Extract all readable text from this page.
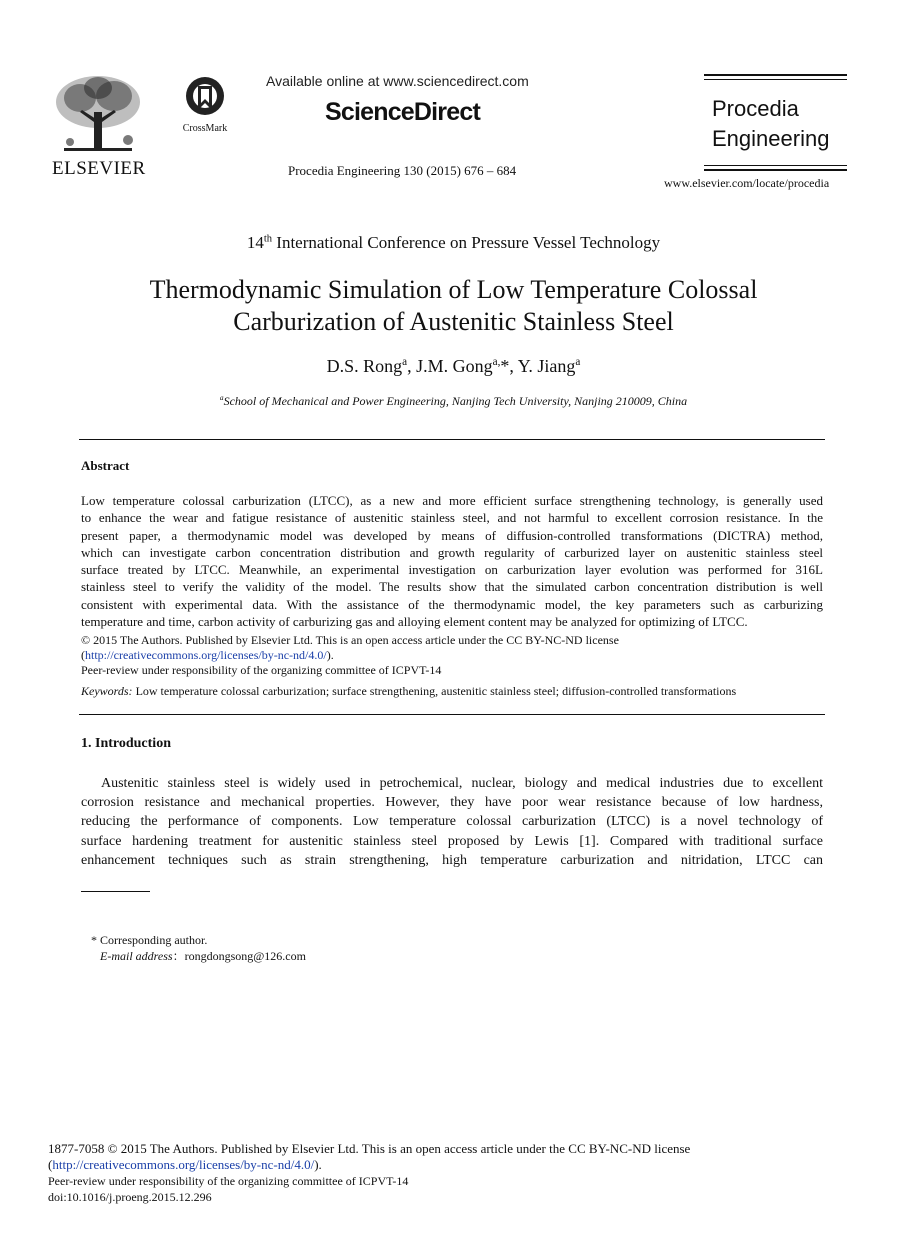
ELSEVIER
CrossMark
Available online at www.sciencedirect.com
ScienceDirect
Procedia Engineering 130 (2015) 676 – 684
Procedia
Engineering
www.elsevier.com/locate/procedia
14th International Conference on Pressure Vessel Technology
Thermodynamic Simulation of Low Temperature Colossal
Carburization of Austenitic Stainless Steel
D.S. Rong$^a$, J.M. Gong$^{a,}$*, Y. Jiang$^a$
$^a$School of Mechanical and Power Engineering, Nanjing Tech University, Nanjing 210009, China
Abstract

Low temperature colossal carburization (LTCC), as a new and more efficient surface strengthening technology, is generally used

to enhance the wear and fatigue resistance of austenitic stainless steel, and not harmful to excellent corrosion resistance. In the

present paper, a thermodynamic model was developed by means of diffusion-controlled transformations (DICTRA) method,

which can investigate carbon concentration distribution and growth regularity of carburized layer on austenitic stainless steel

surface treated by LTCC. Meanwhile, an experimental investigation on carburization layer evolution was performed for 316L

stainless steel to verify the validity of the model. The results show that the simulated carbon concentration distribution is well

consistent with experimental data. With the assistance of the thermodynamic model, the key parameters such as carburizing

temperature and time, carbon activity of carburizing gas and alloying element content may be analyzed for optimizing of LTCC.

© 2015 The Authors. Published by Elsevier Ltd. This is an open access article under the CC BY-NC-ND license
(http://creativecommons.org/licenses/by-nc-nd/4.0/).
Peer-review under responsibility of the organizing committee of ICPVT-14
Keywords: Low temperature colossal carburization; surface strengthening, austenitic stainless steel; diffusion-controlled transformations
1. Introduction

Austenitic stainless steel is widely used in petrochemical, nuclear, biology and medical industries due to excellent

corrosion resistance and mechanical properties. However, they have poor wear resistance because of low hardness,

reducing the performance of components. Low temperature colossal carburization (LTCC) is a novel technology of

surface hardening treatment for austenitic stainless steel proposed by Lewis [1]. Compared with traditional surface

enhancement techniques such as strain strengthening, high temperature carburization and nitridation, LTCC can

* Corresponding author.
E-mail address：rongdongsong@126.com
1877-7058 © 2015 The Authors. Published by Elsevier Ltd. This is an open access article under the CC BY-NC-ND license
(http://creativecommons.org/licenses/by-nc-nd/4.0/).
Peer-review under responsibility of the organizing committee of ICPVT-14
doi:10.1016/j.proeng.2015.12.296
